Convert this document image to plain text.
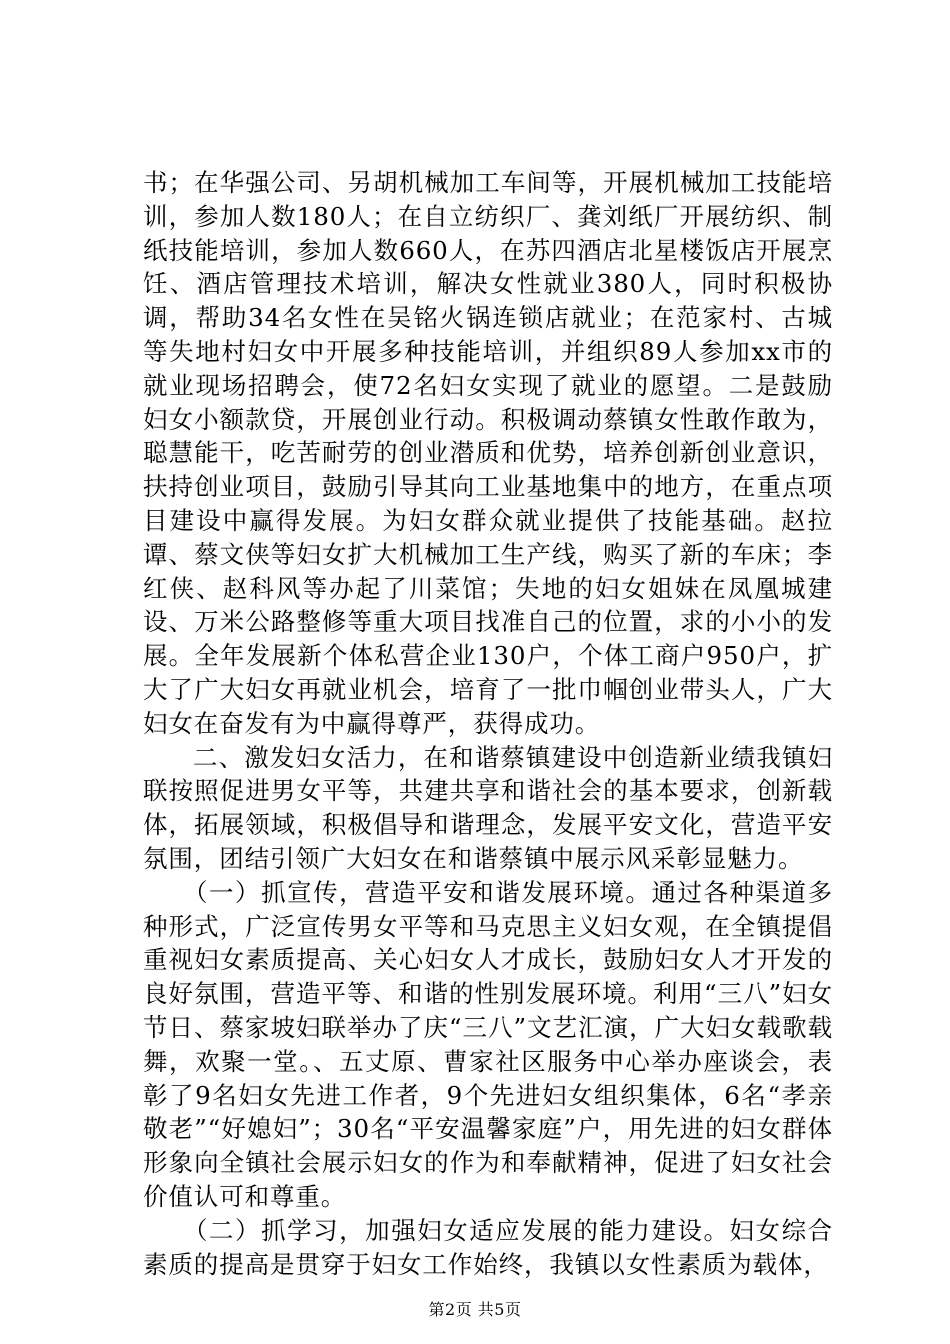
书；在华强公司、另胡机械加工车间等，开展机械加工技能培训，参加人数180人；在自立纺织厂、龚刘纸厂开展纺织、制纸技能培训，参加人数660人，在苏四酒店北星楼饭店开展烹饪、酒店管理技术培训，解决女性就业380人，同时积极协调，帮助34名女性在吴铭火锅连锁店就业；在范家村、古城等失地村妇女中开展多种技能培训，并组织89人参加xx市的就业现场招聘会，使72名妇女实现了就业的愿望。二是鼓励妇女小额款贷，开展创业行动。积极调动蔡镇女性敢作敢为，聪慧能干，吃苦耐劳的创业潜质和优势，培养创新创业意识，扶持创业项目，鼓励引导其向工业基地集中的地方，在重点项目建设中赢得发展。为妇女群众就业提供了技能基础。赵拉谭、蔡文侠等妇女扩大机械加工生产线，购买了新的车床；李红侠、赵科风等办起了川菜馆；失地的妇女姐妹在凤凰城建设、万米公路整修等重大项目找准自己的位置，求的小小的发展。全年发展新个体私营企业130户，个体工商户950户，扩大了广大妇女再就业机会，培育了一批巾帼创业带头人，广大妇女在奋发有为中赢得尊严，获得成功。

二、激发妇女活力，在和谐蔡镇建设中创造新业绩我镇妇联按照促进男女平等，共建共享和谐社会的基本要求，创新载体，拓展领域，积极倡导和谐理念，发展平安文化，营造平安氛围，团结引领广大妇女在和谐蔡镇中展示风采彰显魅力。

（一）抓宣传，营造平安和谐发展环境。通过各种渠道多种形式，广泛宣传男女平等和马克思主义妇女观，在全镇提倡重视妇女素质提高、关心妇女人才成长，鼓励妇女人才开发的良好氛围，营造平等、和谐的性别发展环境。利用“三八”妇女节日、蔡家坡妇联举办了庆“三八”文艺汇演，广大妇女载歌载舞，欢聚一堂。、五丈原、曹家社区服务中心举办座谈会，表彰了9名妇女先进工作者，9个先进妇女组织集体，6名“孝亲敬老”“好媳妇”；30名“平安温馨家庭”户，用先进的妇女群体形象向全镇社会展示妇女的作为和奉献精神，促进了妇女社会价值认可和尊重。

（二）抓学习，加强妇女适应发展的能力建设。妇女综合素质的提高是贯穿于妇女工作始终，我镇以女性素质为载体，

第2页 共5页
